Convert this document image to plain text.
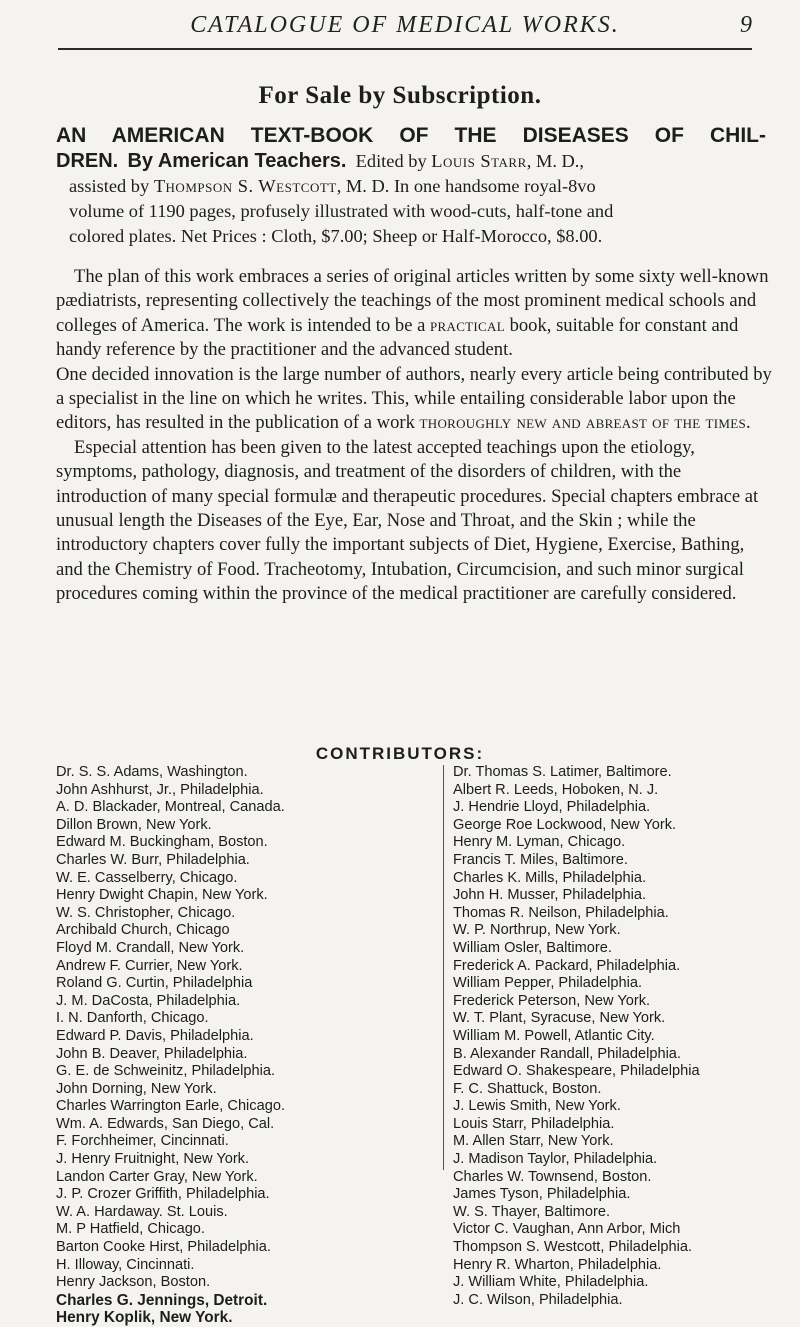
CATALOGUE OF MEDICAL WORKS.	9
For Sale by Subscription.
AN AMERICAN TEXT-BOOK OF THE DISEASES OF CHIL-
DREN. By American Teachers. Edited by Louis Starr, M. D.,
assisted by Thompson S. Westcott, M. D. In one handsome royal-8vo
volume of 1190 pages, profusely illustrated with wood-cuts, half-tone and
colored plates. Net Prices : Cloth, $7.00; Sheep or Half-Morocco, $8.00.

The plan of this work embraces a series of original articles written by some sixty well-known pædiatrists, representing collectively the teachings of the most prominent medical schools and colleges of America. The work is intended to be a practical book, suitable for constant and handy reference by the practitioner and the advanced student.

One decided innovation is the large number of authors, nearly every article being contributed by a specialist in the line on which he writes. This, while entailing considerable labor upon the editors, has resulted in the publication of a work thoroughly new and abreast of the times.

Especial attention has been given to the latest accepted teachings upon the etiology, symptoms, pathology, diagnosis, and treatment of the disorders of children, with the introduction of many special formulæ and therapeutic procedures. Special chapters embrace at unusual length the Diseases of the Eye, Ear, Nose and Throat, and the Skin ; while the introductory chapters cover fully the important subjects of Diet, Hygiene, Exercise, Bathing, and the Chemistry of Food. Tracheotomy, Intubation, Circumcision, and such minor surgical procedures coming within the province of the medical practitioner are carefully considered.

CONTRIBUTORS:
Dr. S. S. Adams, Washington.
John Ashhurst, Jr., Philadelphia.
A. D. Blackader, Montreal, Canada.
Dillon Brown, New York.
Edward M. Buckingham, Boston.
Charles W. Burr, Philadelphia.
W. E. Casselberry, Chicago.
Henry Dwight Chapin, New York.
W. S. Christopher, Chicago.
Archibald Church, Chicago
Floyd M. Crandall, New York.
Andrew F. Currier, New York.
Roland G. Curtin, Philadelphia
J. M. DaCosta, Philadelphia.
I. N. Danforth, Chicago.
Edward P. Davis, Philadelphia.
John B. Deaver, Philadelphia.
G. E. de Schweinitz, Philadelphia.
John Dorning, New York.
Charles Warrington Earle, Chicago.
Wm. A. Edwards, San Diego, Cal.
F. Forchheimer, Cincinnati.
J. Henry Fruitnight, New York.
Landon Carter Gray, New York.
J. P. Crozer Griffith, Philadelphia.
W. A. Hardaway. St. Louis.
M. P Hatfield, Chicago.
Barton Cooke Hirst, Philadelphia.
H. Illoway, Cincinnati.
Henry Jackson, Boston.
Charles G. Jennings, Detroit.
Henry Koplik, New York.
Dr. Thomas S. Latimer, Baltimore.
Albert R. Leeds, Hoboken, N. J.
J. Hendrie Lloyd, Philadelphia.
George Roe Lockwood, New York.
Henry M. Lyman, Chicago.
Francis T. Miles, Baltimore.
Charles K. Mills, Philadelphia.
John H. Musser, Philadelphia.
Thomas R. Neilson, Philadelphia.
W. P. Northrup, New York.
William Osler, Baltimore.
Frederick A. Packard, Philadelphia.
William Pepper, Philadelphia.
Frederick Peterson, New York.
W. T. Plant, Syracuse, New York.
William M. Powell, Atlantic City.
B. Alexander Randall, Philadelphia.
Edward O. Shakespeare, Philadelphia
F. C. Shattuck, Boston.
J. Lewis Smith, New York.
Louis Starr, Philadelphia.
M. Allen Starr, New York.
J. Madison Taylor, Philadelphia.
Charles W. Townsend, Boston.
James Tyson, Philadelphia.
W. S. Thayer, Baltimore.
Victor C. Vaughan, Ann Arbor, Mich
Thompson S. Westcott, Philadelphia.
Henry R. Wharton, Philadelphia.
J. William White, Philadelphia.
J. C. Wilson, Philadelphia.
